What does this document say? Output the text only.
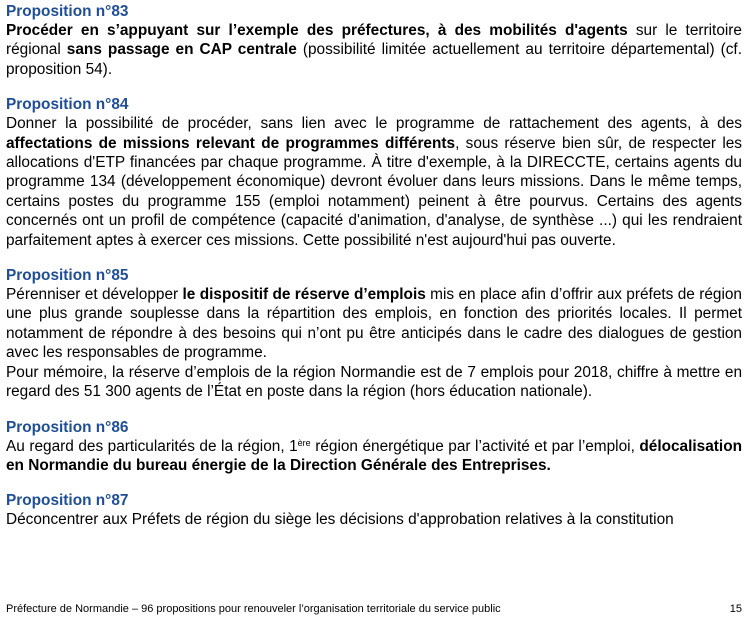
Proposition n°83

Procéder en s’appuyant sur l’exemple des préfectures, à des mobilités d'agents sur le territoire régional sans passage en CAP centrale (possibilité limitée actuellement au territoire départemental) (cf. proposition 54).

Proposition n°84

Donner la possibilité de procéder, sans lien avec le programme de rattachement des agents, à des affectations de missions relevant de programmes différents, sous réserve bien sûr, de respecter les allocations d'ETP financées par chaque programme. À titre d'exemple, à la DIRECCTE, certains agents du programme 134 (développement économique) devront évoluer dans leurs missions. Dans le même temps, certains postes du programme 155 (emploi notamment) peinent à être pourvus. Certains des agents concernés ont un profil de compétence (capacité d'animation, d'analyse, de synthèse ...) qui les rendraient parfaitement aptes à exercer ces missions. Cette possibilité n'est aujourd'hui pas ouverte.

Proposition n°85

Pérenniser et développer le dispositif de réserve d’emplois mis en place afin d’offrir aux préfets de région une plus grande souplesse dans la répartition des emplois, en fonction des priorités locales. Il permet notamment de répondre à des besoins qui n’ont pu être anticipés dans le cadre des dialogues de gestion avec les responsables de programme.

Pour mémoire, la réserve d’emplois de la région Normandie est de 7 emplois pour 2018, chiffre à mettre en regard des 51 300 agents de l’État en poste dans la région (hors éducation nationale).

Proposition n°86

Au regard des particularités de la région, 1ère région énergétique par l’activité et par l’emploi, délocalisation en Normandie du bureau énergie de la Direction Générale des Entreprises.

Proposition n°87

Déconcentrer aux Préfets de région du siège les décisions d'approbation relatives à la constitution

Préfecture de Normandie – 96 propositions pour renouveler l’organisation territoriale du service public	15
